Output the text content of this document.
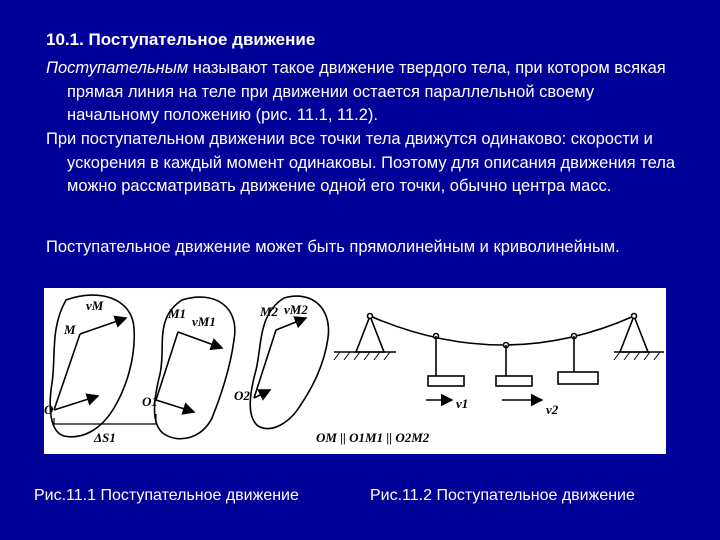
10.1. Поступательное движение
Поступательным называют такое движение твердого тела, при котором всякая прямая линия на теле при движении остается параллельной своему начальному положению (рис. 11.1, 11.2).
При поступательном движении все точки тела движутся одинаково: скорости и ускорения в каждый момент одинаковы. Поэтому для описания движения тела можно рассматривать движение одной его точки, обычно центра масс.
Поступательное движение может быть прямолинейным и криволинейным.
vM
M
M1
vM1
M2 vM2
O
O1	O2
ΔS1
v1	v2
OM || O1M1 || O2M2
Рис.11.1 Поступательное движение	Рис.11.2 Поступательное движение
